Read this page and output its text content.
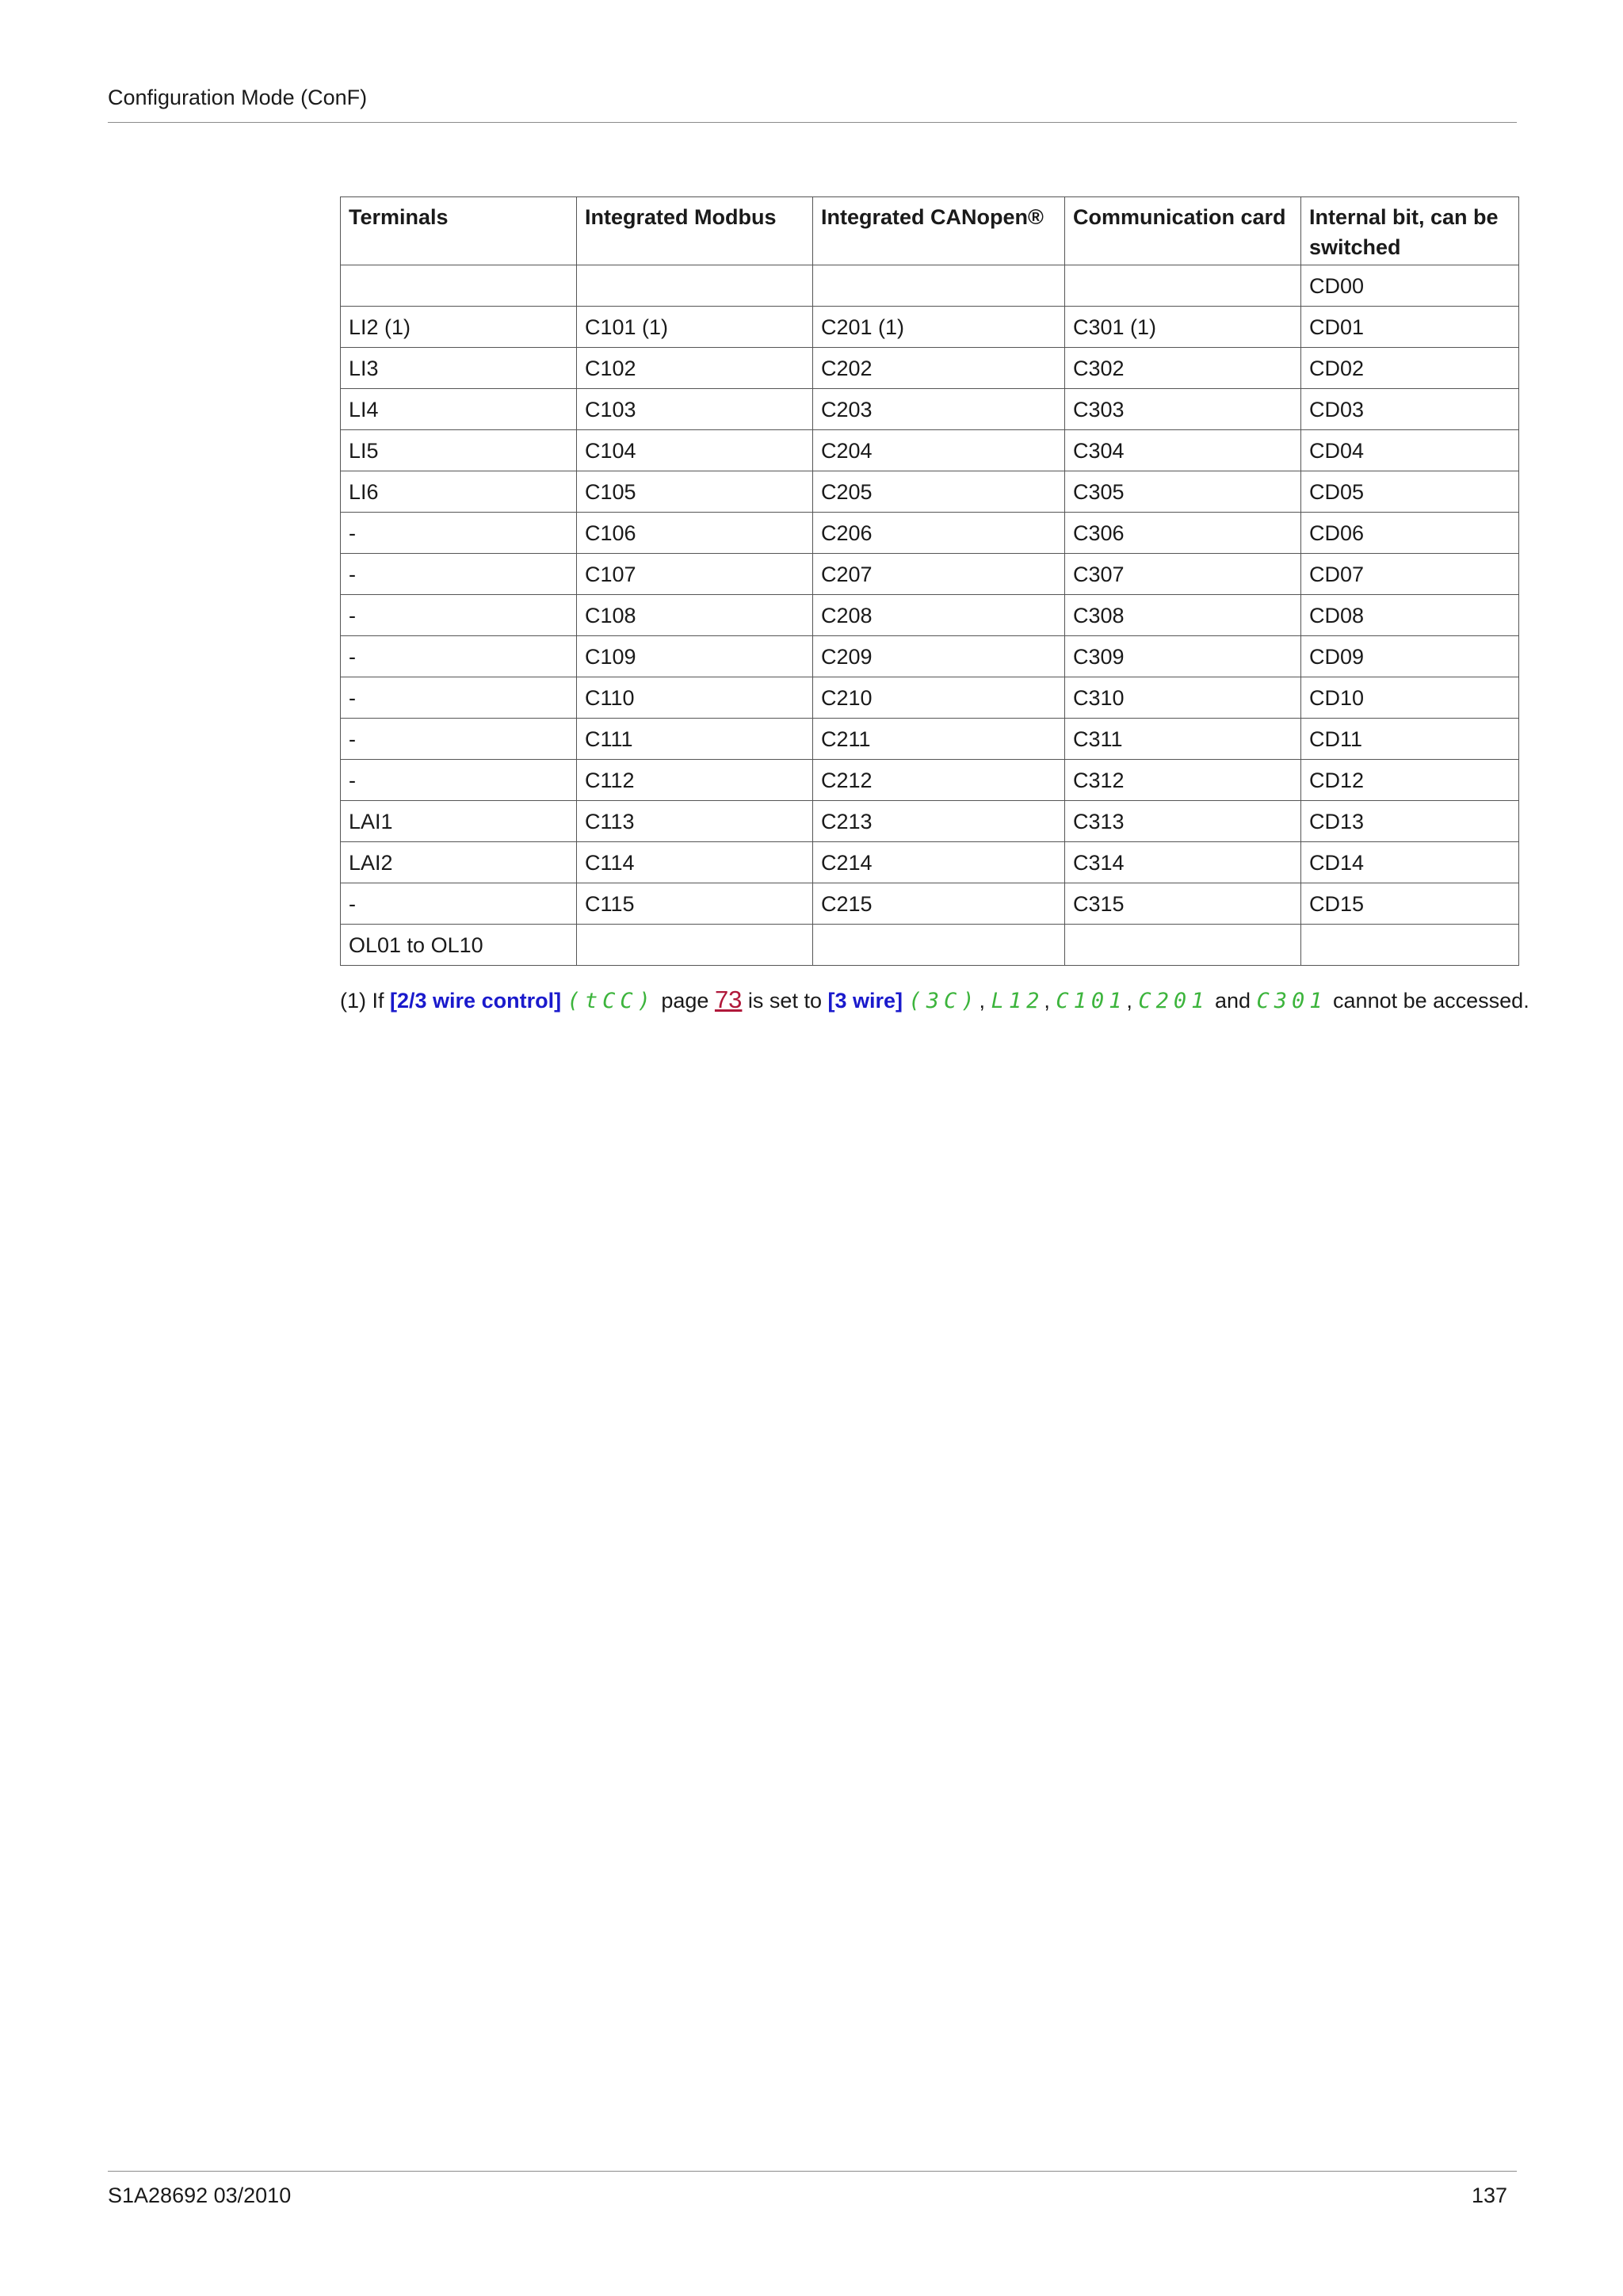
Configuration Mode (ConF)
Terminals	Integrated Modbus	Integrated CANopen®	Communication card	Internal bit, can be switched
				CD00
LI2 (1)	C101 (1)	C201 (1)	C301 (1)	CD01
LI3	C102	C202	C302	CD02
LI4	C103	C203	C303	CD03
LI5	C104	C204	C304	CD04
LI6	C105	C205	C305	CD05
-	C106	C206	C306	CD06
-	C107	C207	C307	CD07
-	C108	C208	C308	CD08
-	C109	C209	C309	CD09
-	C110	C210	C310	CD10
-	C111	C211	C311	CD11
-	C112	C212	C312	CD12
LAI1	C113	C213	C313	CD13
LAI2	C114	C214	C314	CD14
-	C115	C215	C315	CD15
OL01 to OL10				
(1) If [2/3 wire control] (tCC) page 73 is set to [3 wire] (3C), L12, C101, C201 and C301 cannot be accessed.
S1A28692 03/2010	137
